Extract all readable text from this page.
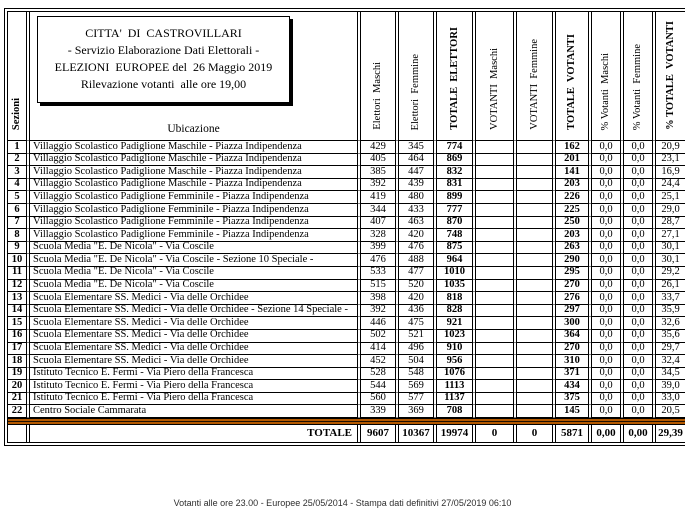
Sezioni	CITTA'  DI  CASTROVILLARI
- Servizio Elaborazione Dati Elettorali -
ELEZIONI  EUROPEE del  26 Maggio 2019
Rilevazione votanti  alle ore 19,00
Ubicazione	Elettori  Maschi	Elettori  Femmine	TOTALE  ELETTORI	VOTANTI  Maschi	VOTANTI  Femmine	TOTALE  VOTANTI	% Votanti  Maschi	% Votanti  Femmine	% TOTALE  VOTANTI
1	Villaggio Scolastico Padiglione Maschile - Piazza Indipendenza	429	345	774			162	0,0	0,0	20,9
2	Villaggio Scolastico Padiglione Maschile - Piazza Indipendenza	405	464	869			201	0,0	0,0	23,1
3	Villaggio Scolastico Padiglione Maschile - Piazza Indipendenza	385	447	832			141	0,0	0,0	16,9
4	Villaggio Scolastico Padiglione Maschile - Piazza Indipendenza	392	439	831			203	0,0	0,0	24,4
5	Villaggio Scolastico Padiglione Femminile - Piazza Indipendenza	419	480	899			226	0,0	0,0	25,1
6	Villaggio Scolastico Padiglione Femminile - Piazza Indipendenza	344	433	777			225	0,0	0,0	29,0
7	Villaggio Scolastico Padiglione Femminile - Piazza Indipendenza	407	463	870			250	0,0	0,0	28,7
8	Villaggio Scolastico Padiglione Femminile - Piazza Indipendenza	328	420	748			203	0,0	0,0	27,1
9	Scuola Media "E. De Nicola" - Via Coscile	399	476	875			263	0,0	0,0	30,1
10	Scuola Media "E. De Nicola" - Via Coscile - Sezione 10 Speciale -	476	488	964			290	0,0	0,0	30,1
11	Scuola Media "E. De Nicola" - Via Coscile	533	477	1010			295	0,0	0,0	29,2
12	Scuola Media "E. De Nicola" - Via Coscile	515	520	1035			270	0,0	0,0	26,1
13	Scuola Elementare SS. Medici - Via delle Orchidee	398	420	818			276	0,0	0,0	33,7
14	Scuola Elementare SS. Medici - Via delle Orchidee - Sezione 14 Speciale -	392	436	828			297	0,0	0,0	35,9
15	Scuola Elementare SS. Medici - Via delle Orchidee	446	475	921			300	0,0	0,0	32,6
16	Scuola Elementare SS. Medici - Via delle Orchidee	502	521	1023			364	0,0	0,0	35,6
17	Scuola Elementare SS. Medici - Via delle Orchidee	414	496	910			270	0,0	0,0	29,7
18	Scuola Elementare SS. Medici - Via delle Orchidee	452	504	956			310	0,0	0,0	32,4
19	Istituto Tecnico E. Fermi - Via Piero della Francesca	528	548	1076			371	0,0	0,0	34,5
20	Istituto Tecnico E. Fermi - Via Piero della Francesca	544	569	1113			434	0,0	0,0	39,0
21	Istituto Tecnico E. Fermi - Via Piero della Francesca	560	577	1137			375	0,0	0,0	33,0
22	Centro Sociale Cammarata	339	369	708			145	0,0	0,0	20,5

	TOTALE	9607	10367	19974	0	0	5871	0,00	0,00	29,39
Votanti alle ore 23.00 - Europee 25/05/2014 - Stampa dati definitivi 27/05/2019 06:10
